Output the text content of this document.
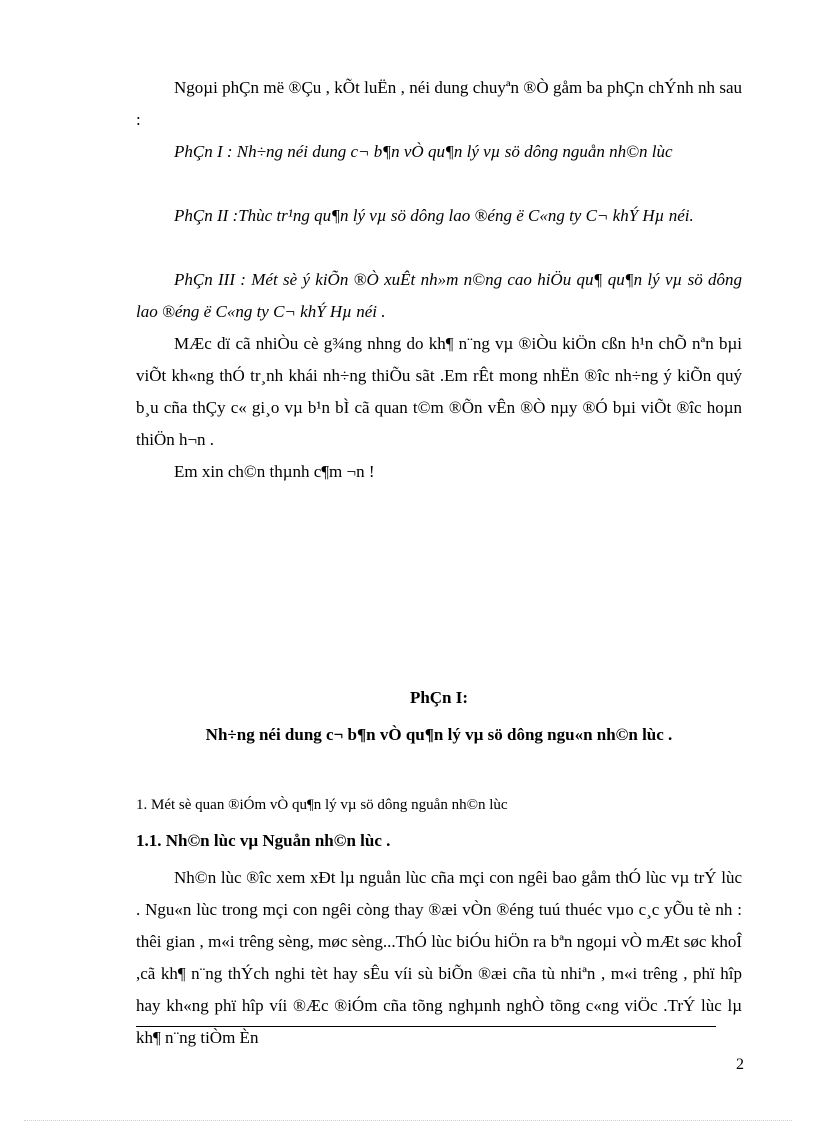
Ngoµi phÇn më ®Çu , kÕt luËn , néi dung chuyªn ®Ò gåm ba phÇn chÝnh nh sau :

PhÇn I : Nh÷ng néi dung c¬ b¶n vÒ qu¶n lý vµ sö dông nguån nh©n lùc

PhÇn II :Thùc tr¹ng qu¶n lý vµ sö dông lao ®éng ë C«ng ty C¬ khÝ Hµ néi.

PhÇn III : Mét sè ý kiÕn ®Ò xuÊt nh»m n©ng cao hiÖu qu¶ qu¶n lý vµ sö dông lao ®éng ë C«ng ty C¬ khÝ Hµ néi .

MÆc dï cã nhiÒu cè g¾ng nhng do kh¶ n¨ng vµ ®iÒu kiÖn cßn h¹n chÕ nªn bµi viÕt kh«ng thÓ tr¸nh khái nh÷ng thiÕu sãt .Em rÊt mong nhËn ®îc nh÷ng ý kiÕn quý b¸u cña thÇy c« gi¸o vµ b¹n bÌ cã quan t©m ®Õn vÊn ®Ò nµy ®Ó bµi viÕt ®îc hoµn thiÖn h¬n .

Em xin ch©n thµnh c¶m ¬n !

PhÇn I:
Nh÷ng néi dung c¬ b¶n vÒ qu¶n lý vµ sö dông ngu«n nh©n lùc .
1. Mét sè quan ®iÓm vÒ qu¶n lý vµ sö dông nguån nh©n lùc
1.1. Nh©n lùc vµ Nguån nh©n lùc .

Nh©n lùc ®îc xem xÐt lµ nguån lùc cña mçi con ngêi bao gåm thÓ lùc vµ trÝ lùc . Ngu«n lùc trong mçi con ngêi còng thay ®æi vÒn ®éng tuú thuéc vµo c¸c yÕu tè nh : thêi gian , m«i trêng sèng, møc sèng...ThÓ lùc biÓu hiÖn ra bªn ngoµi vÒ mÆt søc khoÎ ,cã kh¶ n¨ng thÝch nghi tèt hay sÊu víi sù biÕn ®æi cña tù nhiªn , m«i trêng , phï hîp hay kh«ng phï hîp víi ®Æc ®iÓm cña tõng nghµnh nghÒ tõng c«ng viÖc .TrÝ lùc lµ kh¶ n¨ng tiÒm Èn

2
